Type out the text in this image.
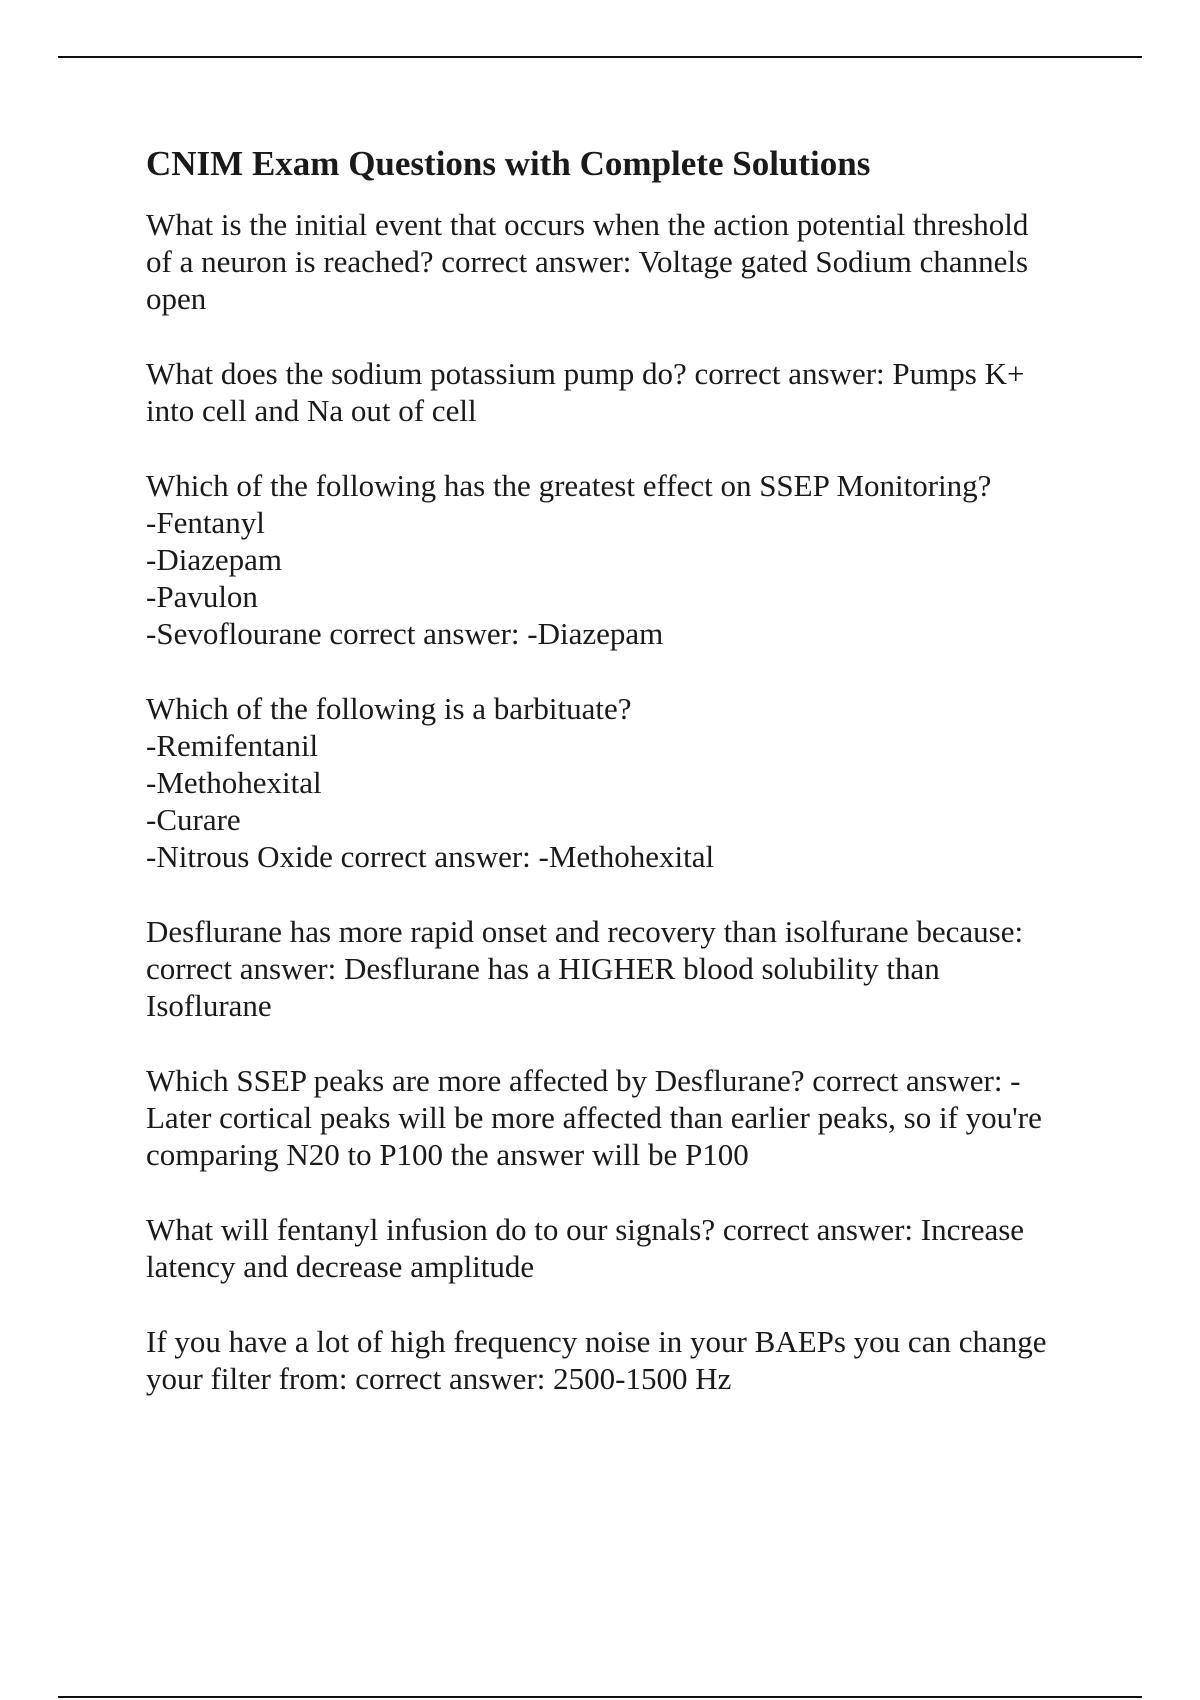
CNIM Exam Questions with Complete Solutions
What is the initial event that occurs when the action potential threshold
of a neuron is reached? correct answer: Voltage gated Sodium channels
open
What does the sodium potassium pump do? correct answer: Pumps K+
into cell and Na out of cell
Which of the following has the greatest effect on SSEP Monitoring?
-Fentanyl
-Diazepam
-Pavulon
-Sevoflourane correct answer: -Diazepam
Which of the following is a barbituate?
-Remifentanil
-Methohexital
-Curare
-Nitrous Oxide correct answer: -Methohexital
Desflurane has more rapid onset and recovery than isolfurane because:
correct answer: Desflurane has a HIGHER blood solubility than
Isoflurane
Which SSEP peaks are more affected by Desflurane? correct answer: -
Later cortical peaks will be more affected than earlier peaks, so if you're
comparing N20 to P100 the answer will be P100
What will fentanyl infusion do to our signals? correct answer: Increase
latency and decrease amplitude
If you have a lot of high frequency noise in your BAEPs you can change
your filter from: correct answer: 2500-1500 Hz
